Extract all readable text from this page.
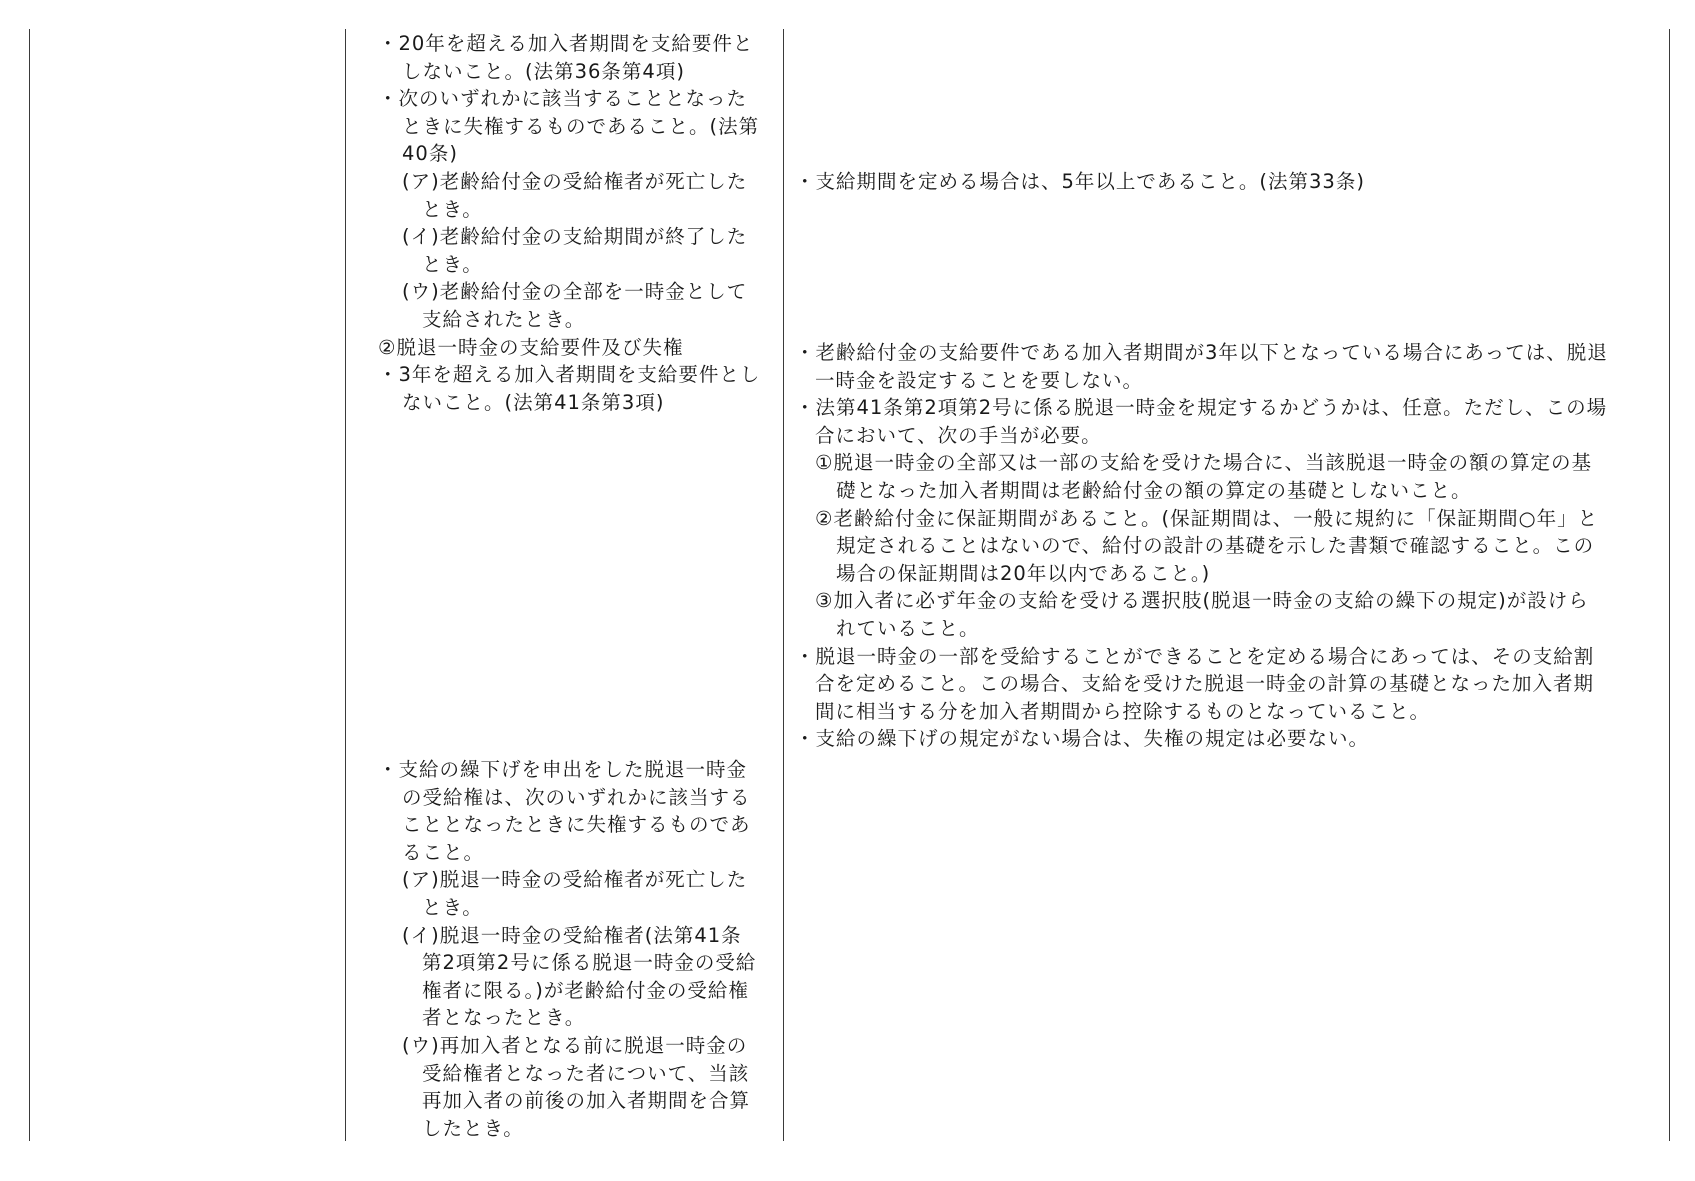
・20年を超える加入者期間を支給要件と
しないこと。(法第36条第4項)
・次のいずれかに該当することとなった
ときに失権するものであること。(法第
40条)
(ア)老齢給付金の受給権者が死亡した
とき。
(イ)老齢給付金の支給期間が終了した
とき。
(ウ)老齢給付金の全部を一時金として
支給されたとき。
②脱退一時金の支給要件及び失権
・3年を超える加入者期間を支給要件とし
ないこと。(法第41条第3項)
・支給の繰下げを申出をした脱退一時金
の受給権は、次のいずれかに該当する
こととなったときに失権するものであ
ること。
(ア)脱退一時金の受給権者が死亡した
とき。
(イ)脱退一時金の受給権者(法第41条
第2項第2号に係る脱退一時金の受給
権者に限る。)が老齢給付金の受給権
者となったとき。
(ウ)再加入者となる前に脱退一時金の
受給権者となった者について、当該
再加入者の前後の加入者期間を合算
したとき。
・支給期間を定める場合は、5年以上であること。(法第33条)
・老齢給付金の支給要件である加入者期間が3年以下となっている場合にあっては、脱退
一時金を設定することを要しない。
・法第41条第2項第2号に係る脱退一時金を規定するかどうかは、任意。ただし、この場
合において、次の手当が必要。
①脱退一時金の全部又は一部の支給を受けた場合に、当該脱退一時金の額の算定の基
礎となった加入者期間は老齢給付金の額の算定の基礎としないこと。
②老齢給付金に保証期間があること。(保証期間は、一般に規約に「保証期間○年」と
規定されることはないので、給付の設計の基礎を示した書類で確認すること。この
場合の保証期間は20年以内であること。)
③加入者に必ず年金の支給を受ける選択肢(脱退一時金の支給の繰下の規定)が設けら
れていること。
・脱退一時金の一部を受給することができることを定める場合にあっては、その支給割
合を定めること。この場合、支給を受けた脱退一時金の計算の基礎となった加入者期
間に相当する分を加入者期間から控除するものとなっていること。
・支給の繰下げの規定がない場合は、失権の規定は必要ない。
